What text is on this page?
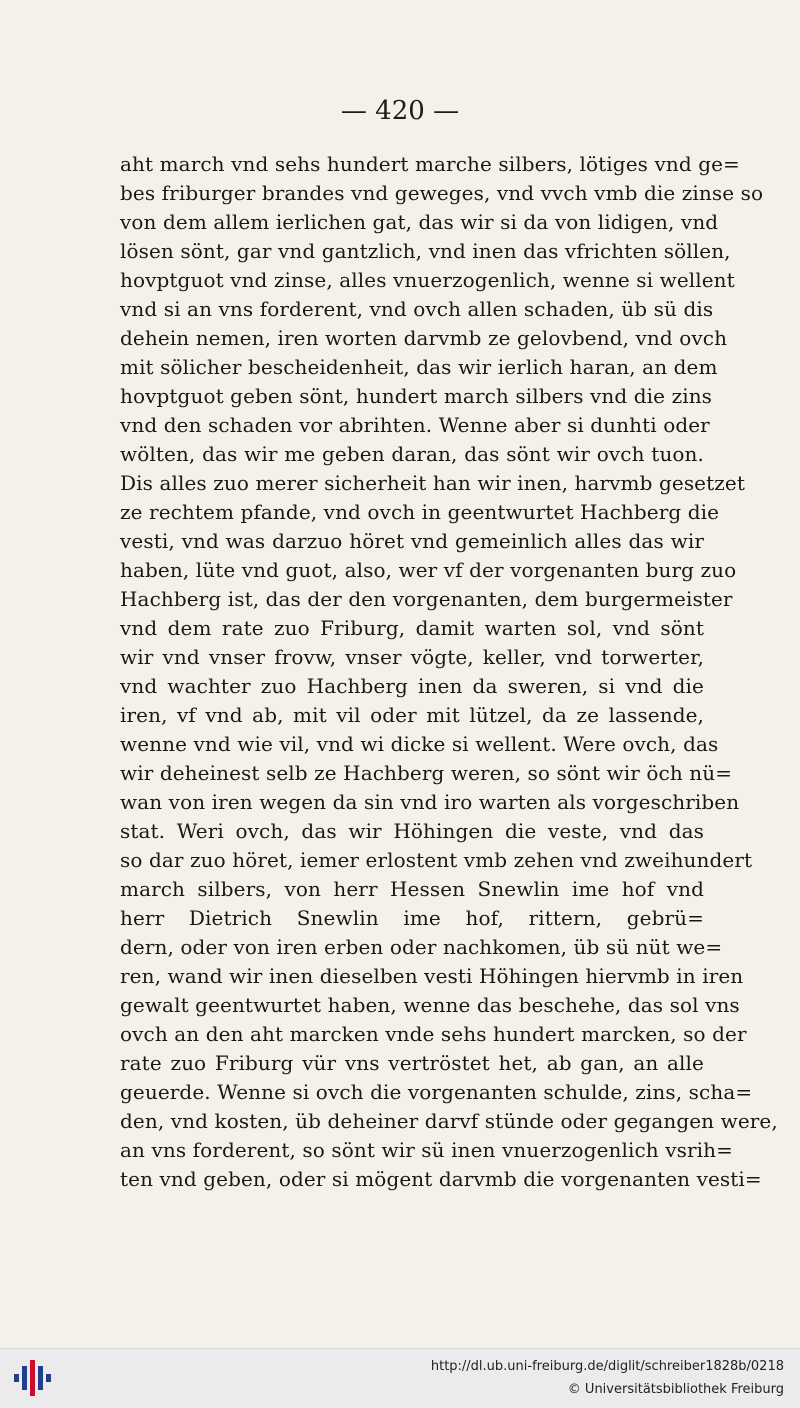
— 420 —
aht march vnd sehs hundert marche silbers, lötiges vnd ge=
bes friburger brandes vnd geweges, vnd vvch vmb die zinse so
von dem allem ierlichen gat, das wir si da von lidigen, vnd
lösen sönt, gar vnd gantzlich, vnd inen das vfrichten söllen,
hovptguot vnd zinse, alles vnuerzogenlich, wenne si wellent
vnd si an vns forderent, vnd ovch allen schaden, üb sü dis
dehein nemen, iren worten darvmb ze gelovbend, vnd ovch
mit sölicher bescheidenheit, das wir ierlich haran, an dem
hovptguot geben sönt, hundert march silbers vnd die zins
vnd den schaden vor abrihten. Wenne aber si dunhti oder
wölten, das wir me geben daran, das sönt wir ovch tuon.
Dis alles zuo merer sicherheit han wir inen, harvmb gesetzet
ze rechtem pfande, vnd ovch in geentwurtet Hachberg die
vesti, vnd was darzuo höret vnd gemeinlich alles das wir
haben, lüte vnd guot, also, wer vf der vorgenanten burg zuo
Hachberg ist, das der den vorgenanten, dem burgermeister
vnd dem rate zuo Friburg, damit warten sol, vnd sönt
wir vnd vnser frovw, vnser vögte, keller, vnd torwerter,
vnd wachter zuo Hachberg inen da sweren, si vnd die
iren, vf vnd ab, mit vil oder mit lützel, da ze lassende,
wenne vnd wie vil, vnd wi dicke si wellent. Were ovch, das
wir deheinest selb ze Hachberg weren, so sönt wir öch nü=
wan von iren wegen da sin vnd iro warten als vorgeschriben
stat. Weri ovch, das wir Höhingen die veste, vnd das
so dar zuo höret, iemer erlostent vmb zehen vnd zweihundert
march silbers, von herr Hessen Snewlin ime hof vnd
herr Dietrich Snewlin ime hof, rittern, gebrü=
dern, oder von iren erben oder nachkomen, üb sü nüt we=
ren, wand wir inen dieselben vesti Höhingen hiervmb in iren
gewalt geentwurtet haben, wenne das beschehe, das sol vns
ovch an den aht marcken vnde sehs hundert marcken, so der
rate zuo Friburg vür vns vertröstet het, ab gan, an alle
geuerde. Wenne si ovch die vorgenanten schulde, zins, scha=
den, vnd kosten, üb deheiner darvf stünde oder gegangen were,
an vns forderent, so sönt wir sü inen vnuerzogenlich vsrih=
ten vnd geben, oder si mögent darvmb die vorgenanten vesti=
http://dl.ub.uni-freiburg.de/diglit/schreiber1828b/0218
© Universitätsbibliothek Freiburg
